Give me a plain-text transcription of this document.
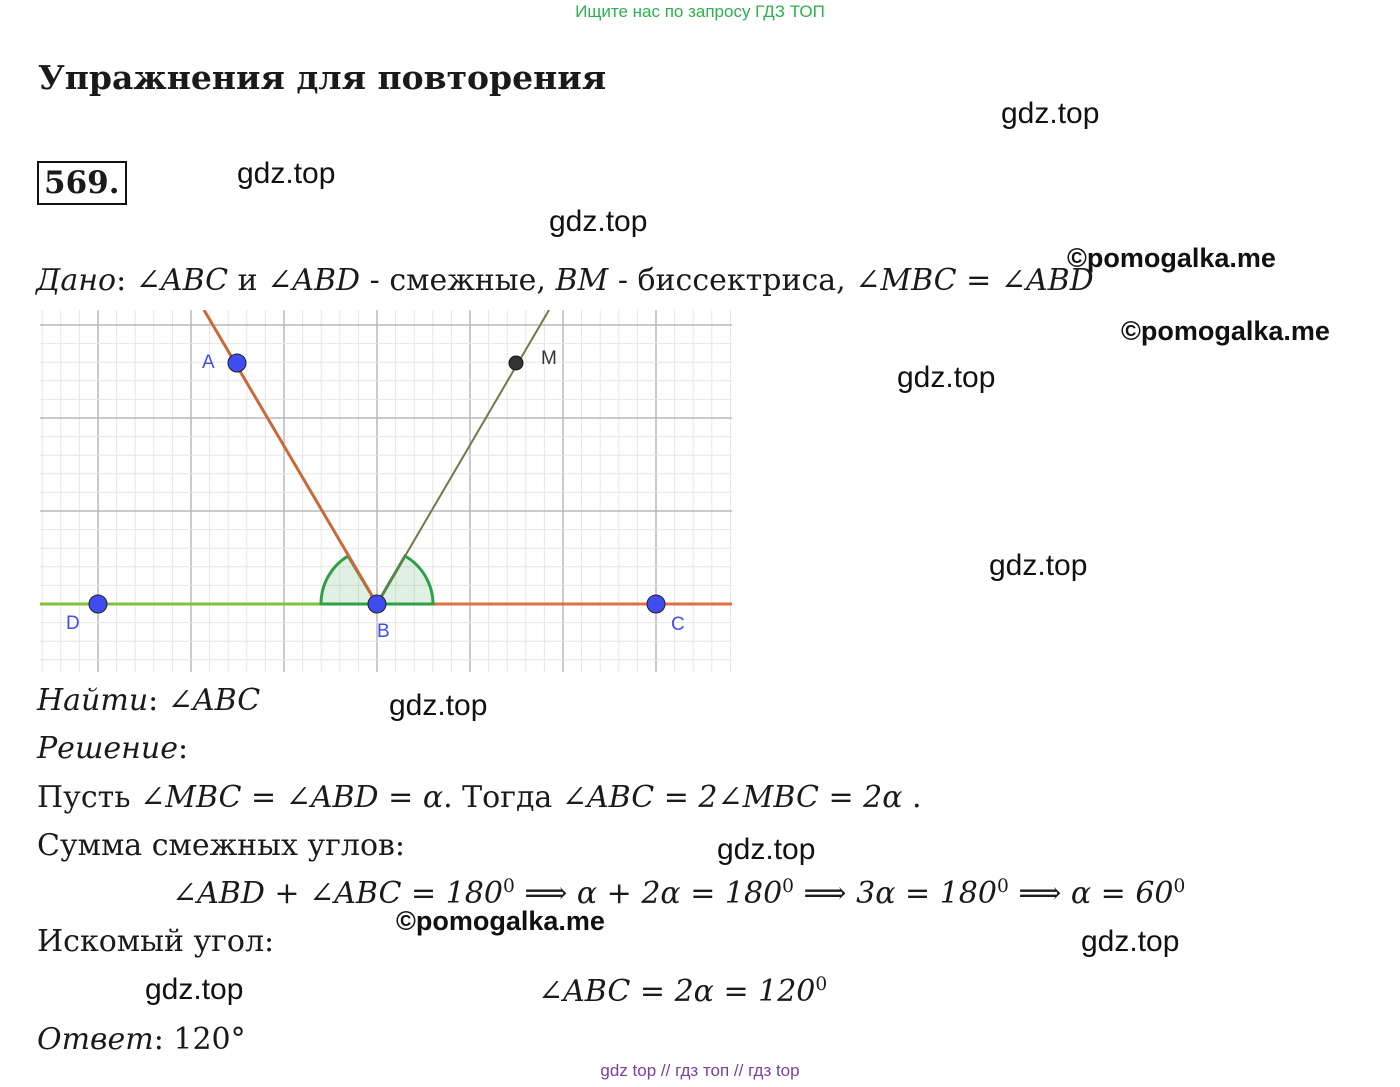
Ищите нас по запросу ГДЗ ТОП
Упражнения для повторения
569.
gdz.top
gdz.top
gdz.top
©pomogalka.me
©pomogalka.me
gdz.top
gdz.top
gdz.top
gdz.top
©pomogalka.me
gdz.top
gdz.top
Дано: ∠ABC и ∠ABD - смежные, BM - биссектриса, ∠MBC = ∠ABD
A	M
D	B	C
Найти: ∠ABC
Решение:
Пусть ∠MBC = ∠ABD = α. Тогда ∠ABC = 2∠MBC = 2α .
Сумма смежных углов:
∠ABD + ∠ABC = $180^0$ ⟹ $\alpha + 2\alpha = 180^0$ ⟹ $3\alpha = 180^0$ ⟹ $\alpha = 60^0$
Искомый угол:
∠ABC = $2\alpha = 120^0$
Ответ: 120°
gdz top // гдз топ // гдз top
